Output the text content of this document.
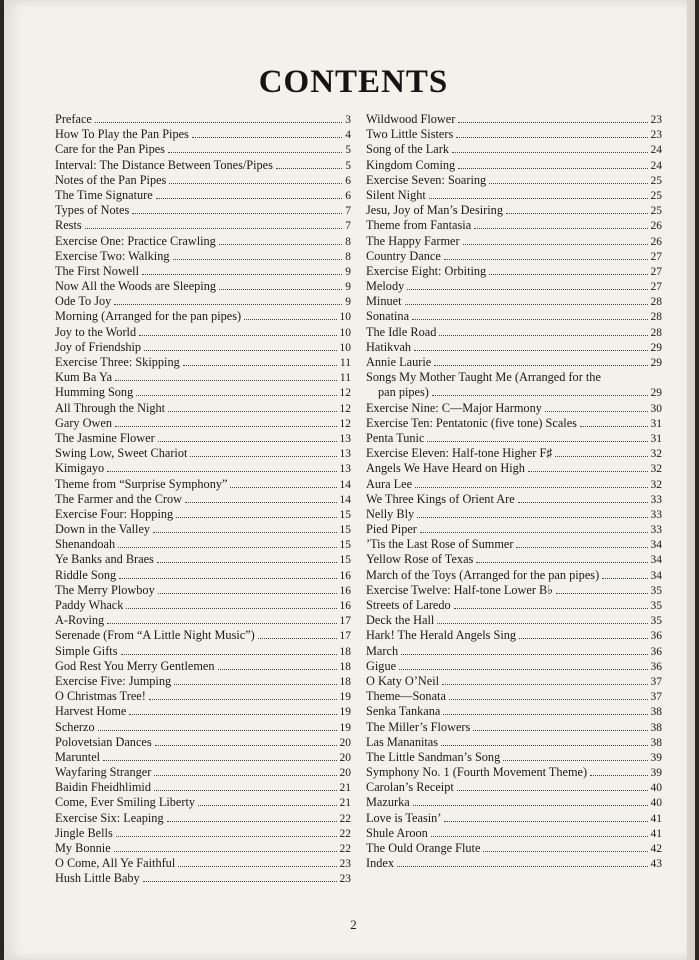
CONTENTS
Preface	3
How To Play the Pan Pipes	4
Care for the Pan Pipes	5
Interval: The Distance Between Tones/Pipes	5
Notes of the Pan Pipes	6
The Time Signature	6
Types of Notes	7
Rests	7
Exercise One: Practice Crawling	8
Exercise Two: Walking	8
The First Nowell	9
Now All the Woods are Sleeping	9
Ode To Joy	9
Morning (Arranged for the pan pipes)	10
Joy to the World	10
Joy of Friendship	10
Exercise Three: Skipping	11
Kum Ba Ya	11
Humming Song	12
All Through the Night	12
Gary Owen	12
The Jasmine Flower	13
Swing Low, Sweet Chariot	13
Kimigayo	13
Theme from “Surprise Symphony”	14
The Farmer and the Crow	14
Exercise Four: Hopping	15
Down in the Valley	15
Shenandoah	15
Ye Banks and Braes	15
Riddle Song	16
The Merry Plowboy	16
Paddy Whack	16
A-Roving	17
Serenade (From “A Little Night Music”)	17
Simple Gifts	18
God Rest You Merry Gentlemen	18
Exercise Five: Jumping	18
O Christmas Tree!	19
Harvest Home	19
Scherzo	19
Polovetsian Dances	20
Maruntel	20
Wayfaring Stranger	20
Baidin Fheidhlimid	21
Come, Ever Smiling Liberty	21
Exercise Six: Leaping	22
Jingle Bells	22
My Bonnie	22
O Come, All Ye Faithful	23
Hush Little Baby	23
Wildwood Flower	23
Two Little Sisters	23
Song of the Lark	24
Kingdom Coming	24
Exercise Seven: Soaring	25
Silent Night	25
Jesu, Joy of Man’s Desiring	25
Theme from Fantasia	26
The Happy Farmer	26
Country Dance	27
Exercise Eight: Orbiting	27
Melody	27
Minuet	28
Sonatina	28
The Idle Road	28
Hatikvah	29
Annie Laurie	29
Songs My Mother Taught Me (Arranged for the
pan pipes)	29
Exercise Nine: C—Major Harmony	30
Exercise Ten: Pentatonic (five tone) Scales	31
Penta Tunic	31
Exercise Eleven: Half-tone Higher F♯	32
Angels We Have Heard on High	32
Aura Lee	32
We Three Kings of Orient Are	33
Nelly Bly	33
Pied Piper	33
’Tis the Last Rose of Summer	34
Yellow Rose of Texas	34
March of the Toys (Arranged for the pan pipes)	34
Exercise Twelve: Half-tone Lower B♭	35
Streets of Laredo	35
Deck the Hall	35
Hark! The Herald Angels Sing	36
March	36
Gigue	36
O Katy O’Neil	37
Theme—Sonata	37
Senka Tankana	38
The Miller’s Flowers	38
Las Mananitas	38
The Little Sandman’s Song	39
Symphony No. 1 (Fourth Movement Theme)	39
Carolan’s Receipt	40
Mazurka	40
Love is Teasin’	41
Shule Aroon	41
The Ould Orange Flute	42
Index	43
2
